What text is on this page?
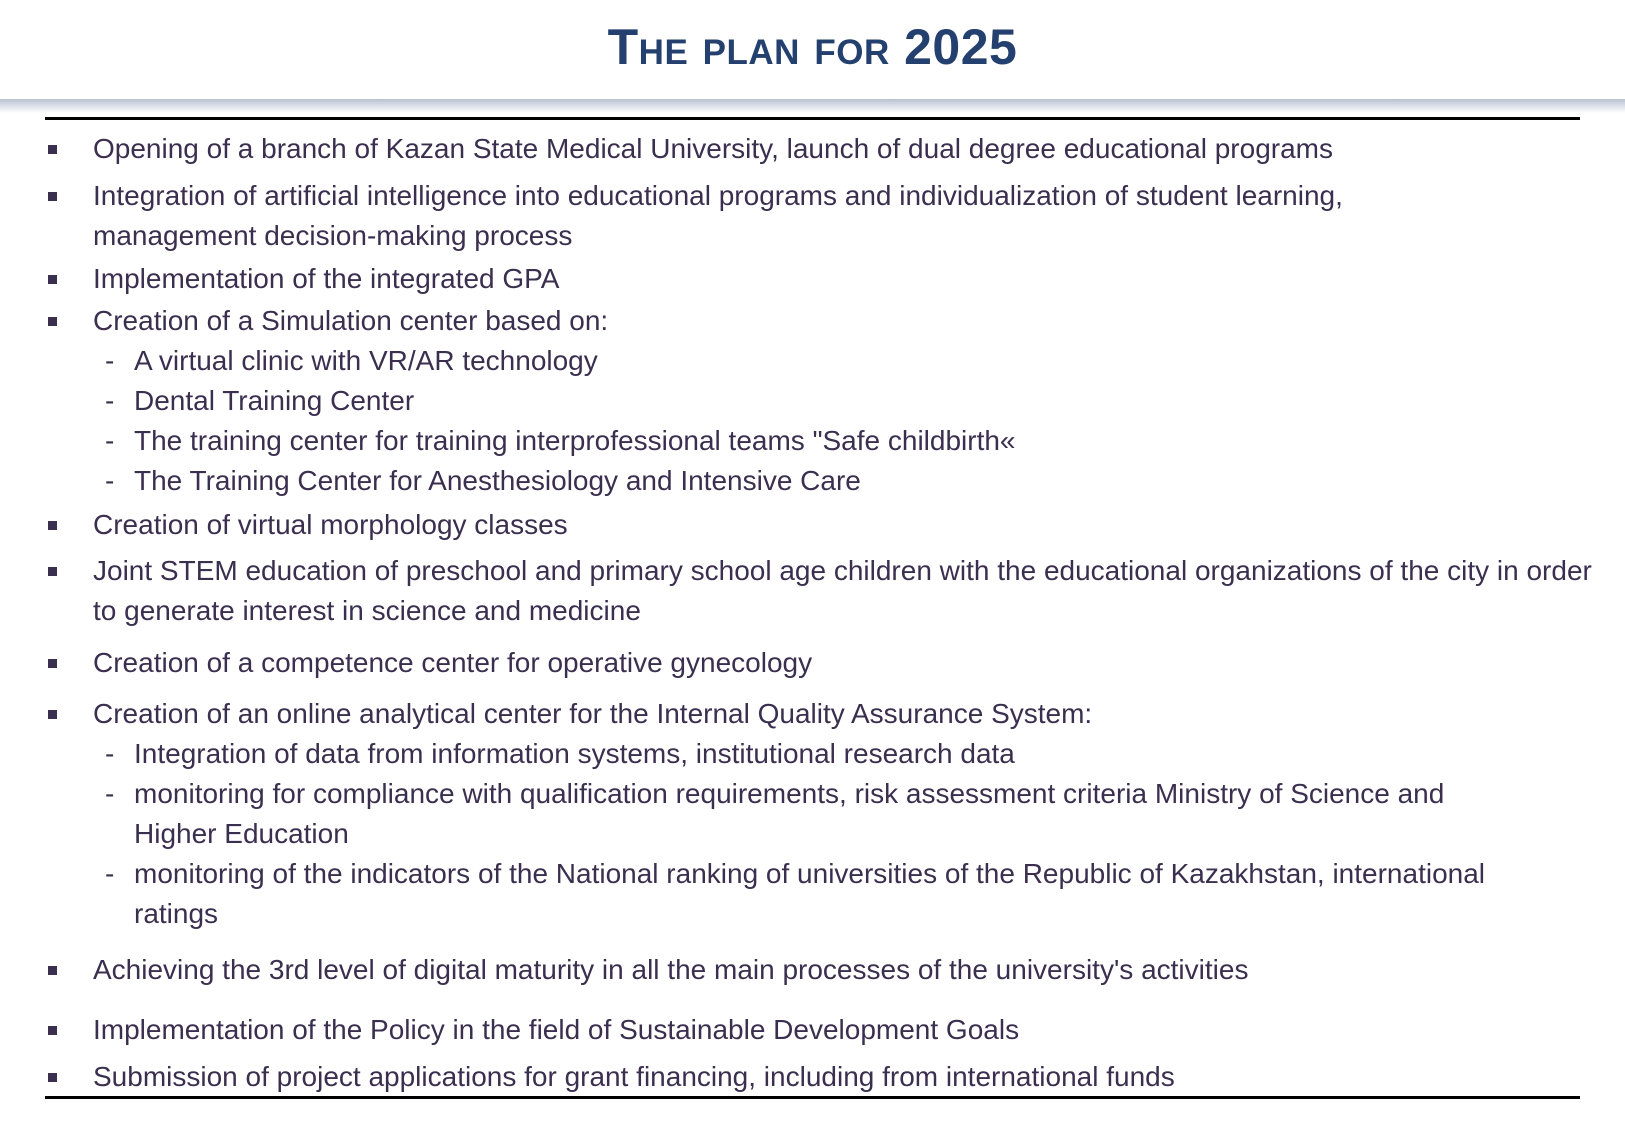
The plan for 2025
Opening of a branch of Kazan State Medical University, launch of dual degree educational programs
Integration of artificial intelligence into educational programs and individualization of student learning, management decision-making process
Implementation of the integrated GPA
Creation of a Simulation center based on:
- A virtual clinic with VR/AR technology
- Dental Training Center
- The training center for training interprofessional teams "Safe childbirth«
- The Training Center for Anesthesiology and Intensive Care
Creation of virtual morphology classes
Joint STEM education of preschool and primary school age children with the educational organizations of the city in order to generate interest in science and medicine
Creation of a competence center for operative gynecology
Creation of an online analytical center for the Internal Quality Assurance System:
- Integration of data from information systems, institutional research data
- monitoring for compliance with qualification requirements, risk assessment criteria Ministry of Science and Higher Education
- monitoring of the indicators of the National ranking of universities of the Republic of Kazakhstan, international ratings
Achieving the 3rd level of digital maturity in all the main processes of the university's activities
Implementation of the Policy in the field of Sustainable Development Goals
Submission of project applications for grant financing, including from international funds
